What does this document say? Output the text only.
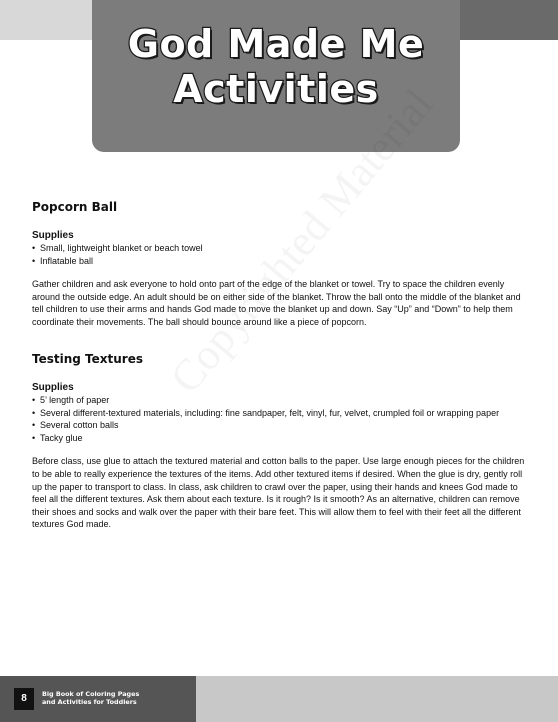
God Made Me
Activities
Popcorn Ball
Supplies
• Small, lightweight blanket or beach towel
• Inflatable ball

Gather children and ask everyone to hold onto part of the edge of the blanket or towel. Try to space the children evenly around the outside edge. An adult should be on either side of the blanket. Throw the ball onto the middle of the blanket and tell children to use their arms and hands God made to move the blanket up and down. Say “Up” and “Down” to help them coordinate their movements. The ball should bounce around like a piece of popcorn.

Testing Textures
Supplies
• 5’ length of paper
• Several different-textured materials, including: fine sandpaper, felt, vinyl, fur, velvet, crumpled foil or wrapping paper
• Several cotton balls
• Tacky glue

Before class, use glue to attach the textured material and cotton balls to the paper. Use large enough pieces for the children to be able to really experience the textures of the items. Add other textured items if desired. When the glue is dry, gently roll up the paper to transport to class. In class, ask children to crawl over the paper, using their hands and knees God made to feel all the different textures. Ask them about each texture. Is it rough? Is it smooth? As an alternative, children can remove their shoes and socks and walk over the paper with their bare feet. This will allow them to feel with their feet all the different textures God made.

8	Big Book of Coloring Pages
and Activities for Toddlers
